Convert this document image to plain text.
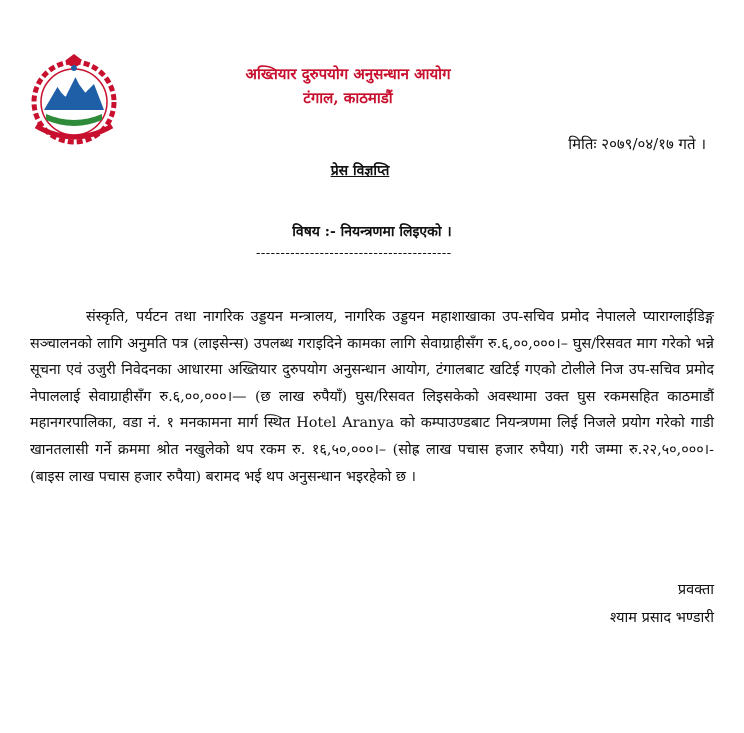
अख्तियार दुरुपयोग अनुसन्धान आयोग

टंगाल, काठमाडौं

मितिः २०७९/०४/१७ गते ।
प्रेस विज्ञप्ति
विषय :- नियन्त्रणमा लिइएको ।
----------------------------------------

संस्कृति, पर्यटन तथा नागरिक उड्डयन मन्त्रालय, नागरिक उड्डयन महाशाखाका उप-सचिव प्रमोद नेपालले प्याराग्लाईडिङ्ग सञ्चालनको लागि अनुमति पत्र (लाइसेन्स) उपलब्ध गराइदिने कामका लागि सेवाग्राहीसँग रु.६,००,०००।– घुस/रिसवत माग गरेको भन्ने सूचना एवं उजुरी निवेदनका आधारमा अख्तियार दुरुपयोग अनुसन्धान आयोग, टंगालबाट खटिई गएको टोलीले निज उप-सचिव प्रमोद नेपाललाई सेवाग्राहीसँग रु.६,००,०००।— (छ लाख रुपैयाँ) घुस/रिसवत लिइसकेको अवस्थामा उक्त घुस रकमसहित काठमाडौं महानगरपालिका, वडा नं. १ मनकामना मार्ग स्थित Hotel Aranya को कम्पाउण्डबाट नियन्त्रणमा लिई निजले प्रयोग गरेको गाडी खानतलासी गर्ने क्रममा श्रोत नखुलेको थप रकम रु. १६,५०,०००।– (सोह्र लाख पचास हजार रुपैया) गरी जम्मा रु.२२,५०,०००।- (बाइस लाख पचास हजार रुपैया) बरामद भई थप अनुसन्धान भइरहेको छ ।

प्रवक्ता
श्याम प्रसाद भण्डारी
